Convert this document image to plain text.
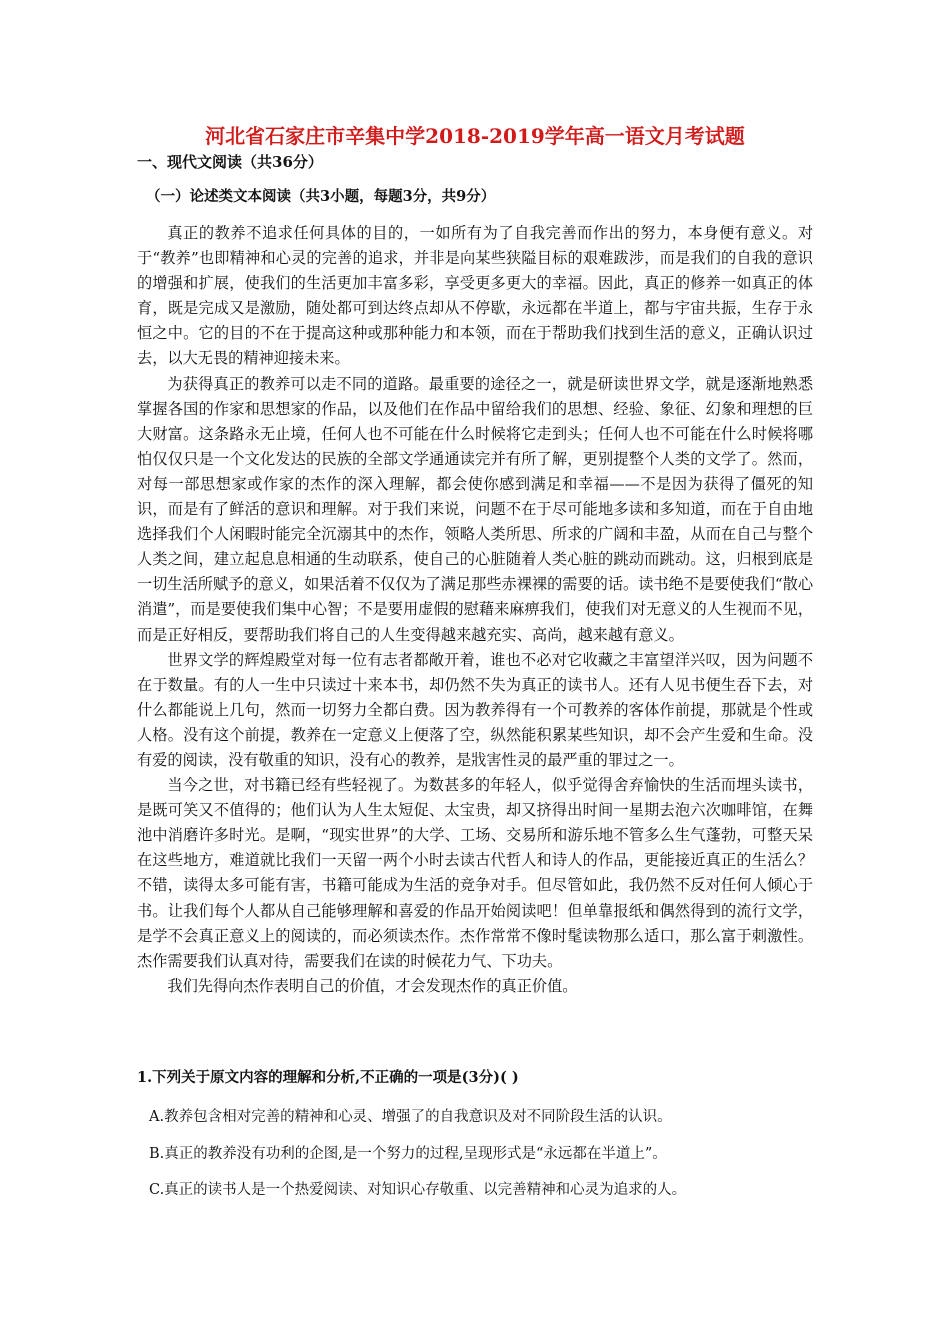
河北省石家庄市辛集中学2018-2019学年高一语文月考试题
一、现代文阅读（共36分）
（一）论述类文本阅读（共3小题，每题3分，共9分）

真正的教养不追求任何具体的目的，一如所有为了自我完善而作出的努力，本身便有意义。对于“教养”也即精神和心灵的完善的追求，并非是向某些狭隘目标的艰难跋涉，而是我们的自我的意识的增强和扩展，使我们的生活更加丰富多彩，享受更多更大的幸福。因此，真正的修养一如真正的体育，既是完成又是激励，随处都可到达终点却从不停歇，永远都在半道上，都与宇宙共振，生存于永恒之中。它的目的不在于提高这种或那种能力和本领，而在于帮助我们找到生活的意义，正确认识过去，以大无畏的精神迎接未来。

为获得真正的教养可以走不同的道路。最重要的途径之一，就是研读世界文学，就是逐渐地熟悉掌握各国的作家和思想家的作品，以及他们在作品中留给我们的思想、经验、象征、幻象和理想的巨大财富。这条路永无止境，任何人也不可能在什么时候将它走到头；任何人也不可能在什么时候将哪怕仅仅只是一个文化发达的民族的全部文学通通读完并有所了解，更别提整个人类的文学了。然而，对每一部思想家或作家的杰作的深入理解，都会使你感到满足和幸福——不是因为获得了僵死的知识，而是有了鲜活的意识和理解。对于我们来说，问题不在于尽可能地多读和多知道，而在于自由地选择我们个人闲暇时能完全沉溺其中的杰作，领略人类所思、所求的广阔和丰盈，从而在自己与整个人类之间，建立起息息相通的生动联系，使自己的心脏随着人类心脏的跳动而跳动。这，归根到底是一切生活所赋予的意义，如果活着不仅仅为了满足那些赤裸裸的需要的话。读书绝不是要使我们“散心消遣”，而是要使我们集中心智；不是要用虚假的慰藉来麻痹我们，使我们对无意义的人生视而不见，而是正好相反，要帮助我们将自己的人生变得越来越充实、高尚，越来越有意义。

世界文学的辉煌殿堂对每一位有志者都敞开着，谁也不必对它收藏之丰富望洋兴叹，因为问题不在于数量。有的人一生中只读过十来本书，却仍然不失为真正的读书人。还有人见书便生吞下去，对什么都能说上几句，然而一切努力全都白费。因为教养得有一个可教养的客体作前提，那就是个性或人格。没有这个前提，教养在一定意义上便落了空，纵然能积累某些知识，却不会产生爱和生命。没有爱的阅读，没有敬重的知识，没有心的教养，是戕害性灵的最严重的罪过之一。

当今之世，对书籍已经有些轻视了。为数甚多的年轻人，似乎觉得舍弃愉快的生活而埋头读书，是既可笑又不值得的；他们认为人生太短促、太宝贵，却又挤得出时间一星期去泡六次咖啡馆，在舞池中消磨许多时光。是啊，“现实世界”的大学、工场、交易所和游乐地不管多么生气蓬勃，可整天呆在这些地方，难道就比我们一天留一两个小时去读古代哲人和诗人的作品，更能接近真正的生活么？不错，读得太多可能有害，书籍可能成为生活的竞争对手。但尽管如此，我仍然不反对任何人倾心于书。让我们每个人都从自己能够理解和喜爱的作品开始阅读吧！但单靠报纸和偶然得到的流行文学，是学不会真正意义上的阅读的，而必须读杰作。杰作常常不像时髦读物那么适口，那么富于刺激性。杰作需要我们认真对待，需要我们在读的时候花力气、下功夫。

我们先得向杰作表明自己的价值，才会发现杰作的真正价值。

1.下列关于原文内容的理解和分析,不正确的一项是(3分)( )
A.教养包含相对完善的精神和心灵、增强了的自我意识及对不同阶段生活的认识。
B.真正的教养没有功利的企图,是一个努力的过程,呈现形式是“永远都在半道上”。
C.真正的读书人是一个热爱阅读、对知识心存敬重、以完善精神和心灵为追求的人。
